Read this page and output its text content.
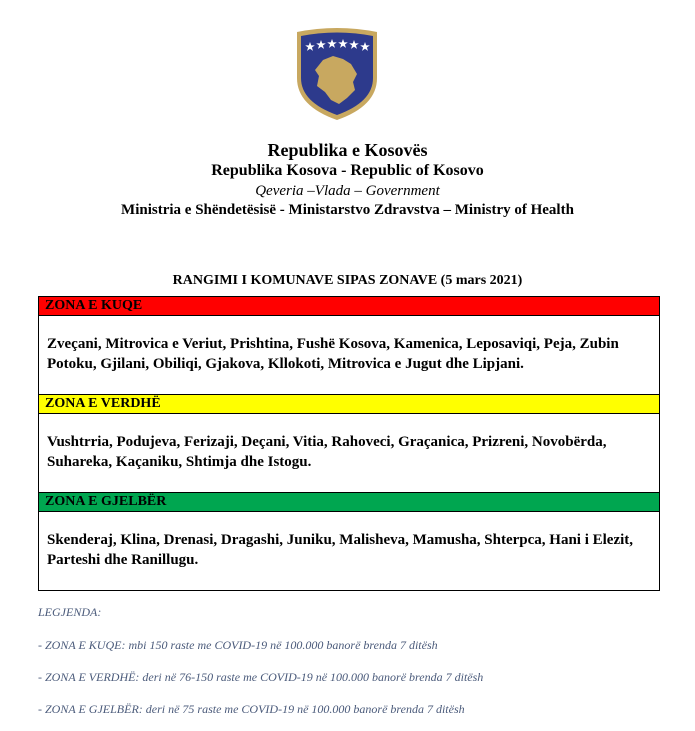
Republika e Kosovës
Republika Kosova - Republic of Kosovo
Qeveria –Vlada – Government
Ministria e Shëndetësisë - Ministarstvo Zdravstva – Ministry of Health
RANGIMI I KOMUNAVE SIPAS ZONAVE (5 mars 2021)
ZONA E KUQE
Zveçani, Mitrovica e Veriut, Prishtina, Fushë Kosova, Kamenica, Leposaviqi, Peja, Zubin Potoku, Gjilani, Obiliqi, Gjakova, Kllokoti, Mitrovica e Jugut dhe Lipjani.
ZONA E VERDHË
Vushtrria, Podujeva, Ferizaji, Deçani, Vitia, Rahoveci, Graçanica, Prizreni, Novobërda, Suhareka, Kaçaniku, Shtimja dhe Istogu.
ZONA E GJELBËR
Skenderaj, Klina, Drenasi, Dragashi, Juniku, Malisheva, Mamusha, Shterpca, Hani i Elezit, Parteshi dhe Ranillugu.
LEGJENDA:
- ZONA E KUQE: mbi 150 raste me COVID-19 në 100.000 banorë brenda 7 ditësh
- ZONA E VERDHË: deri në 76-150 raste me COVID-19 në 100.000 banorë brenda 7 ditësh
- ZONA E GJELBËR: deri në 75 raste me COVID-19 në 100.000 banorë brenda 7 ditësh
